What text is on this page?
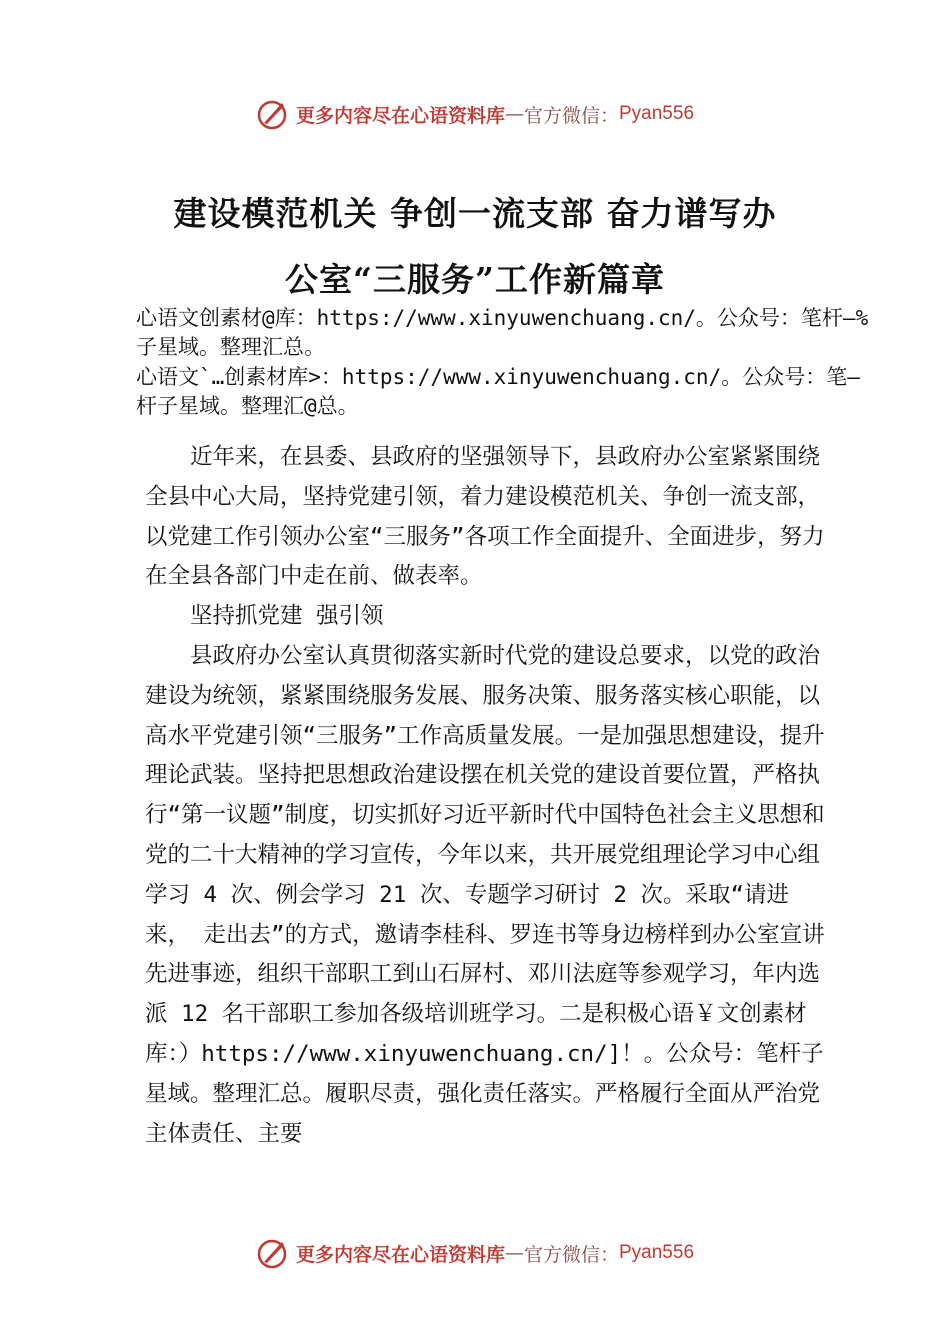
更多内容尽在心语资料库 — 官方微信： Pyan556
建设模范机关 争创一流支部 奋力谱写办
公室“三服务”工作新篇章
心语文创素材@库：https://www.xinyuwenchuang.cn/。公众号：笔杆—%子星域。整理汇总。
心语文`…创素材库>：https://www.xinyuwenchuang.cn/。公众号：笔—杆子星域。整理汇@总。

近年来，在县委、县政府的坚强领导下，县政府办公室紧紧围绕全县中心大局，坚持党建引领，着力建设模范机关、争创一流支部，以党建工作引领办公室“三服务”各项工作全面提升、全面进步，努力在全县各部门中走在前、做表率。

坚持抓党建 强引领

县政府办公室认真贯彻落实新时代党的建设总要求，以党的政治建设为统领，紧紧围绕服务发展、服务决策、服务落实核心职能，以高水平党建引领“三服务”工作高质量发展。一是加强思想建设，提升理论武装。坚持把思想政治建设摆在机关党的建设首要位置，严格执行“第一议题”制度，切实抓好习近平新时代中国特色社会主义思想和党的二十大精神的学习宣传，今年以来，共开展党组理论学习中心组学习 4 次、例会学习 21 次、专题学习研讨 2 次。采取“请进来， 走出去”的方式，邀请李桂科、罗连书等身边榜样到办公室宣讲先进事迹，组织干部职工到山石屏村、邓川法庭等参观学习，年内选派 12 名干部职工参加各级培训班学习。二是积极心语￥文创素材库：）https://www.xinyuwenchuang.cn/]！。公众号：笔杆子星域。整理汇总。履职尽责，强化责任落实。严格履行全面从严治党主体责任、主要

更多内容尽在心语资料库 — 官方微信： Pyan556
